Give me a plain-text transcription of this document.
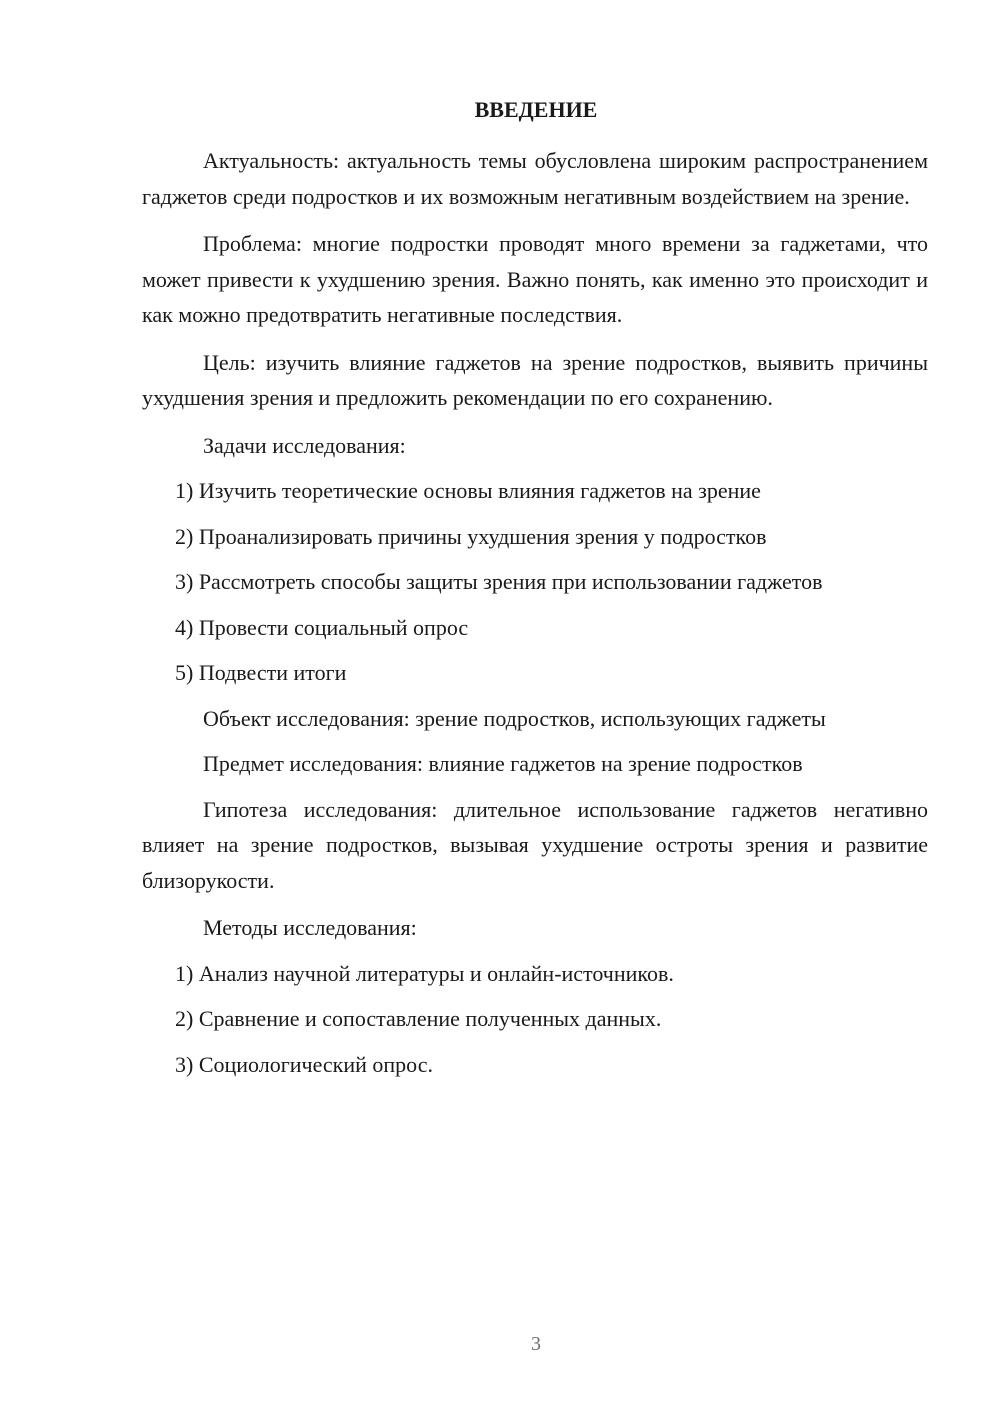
ВВЕДЕНИЕ

Актуальность: актуальность темы обусловлена широким распространением гаджетов среди подростков и их возможным негативным воздействием на зрение.

Проблема: многие подростки проводят много времени за гаджетами, что может привести к ухудшению зрения. Важно понять, как именно это происходит и как можно предотвратить негативные последствия.

Цель: изучить влияние гаджетов на зрение подростков, выявить причины ухудшения зрения и предложить рекомендации по его сохранению.

Задачи исследования:

1) Изучить теоретические основы влияния гаджетов на зрение

2) Проанализировать причины ухудшения зрения у подростков

3) Рассмотреть способы защиты зрения при использовании гаджетов

4) Провести социальный опрос

5) Подвести итоги

Объект исследования: зрение подростков, использующих гаджеты

Предмет исследования: влияние гаджетов на зрение подростков

Гипотеза исследования: длительное использование гаджетов негативно влияет на зрение подростков, вызывая ухудшение остроты зрения и развитие близорукости.

Методы исследования:

1) Анализ научной литературы и онлайн-источников.

2) Сравнение и сопоставление полученных данных.

3) Социологический опрос.

3
